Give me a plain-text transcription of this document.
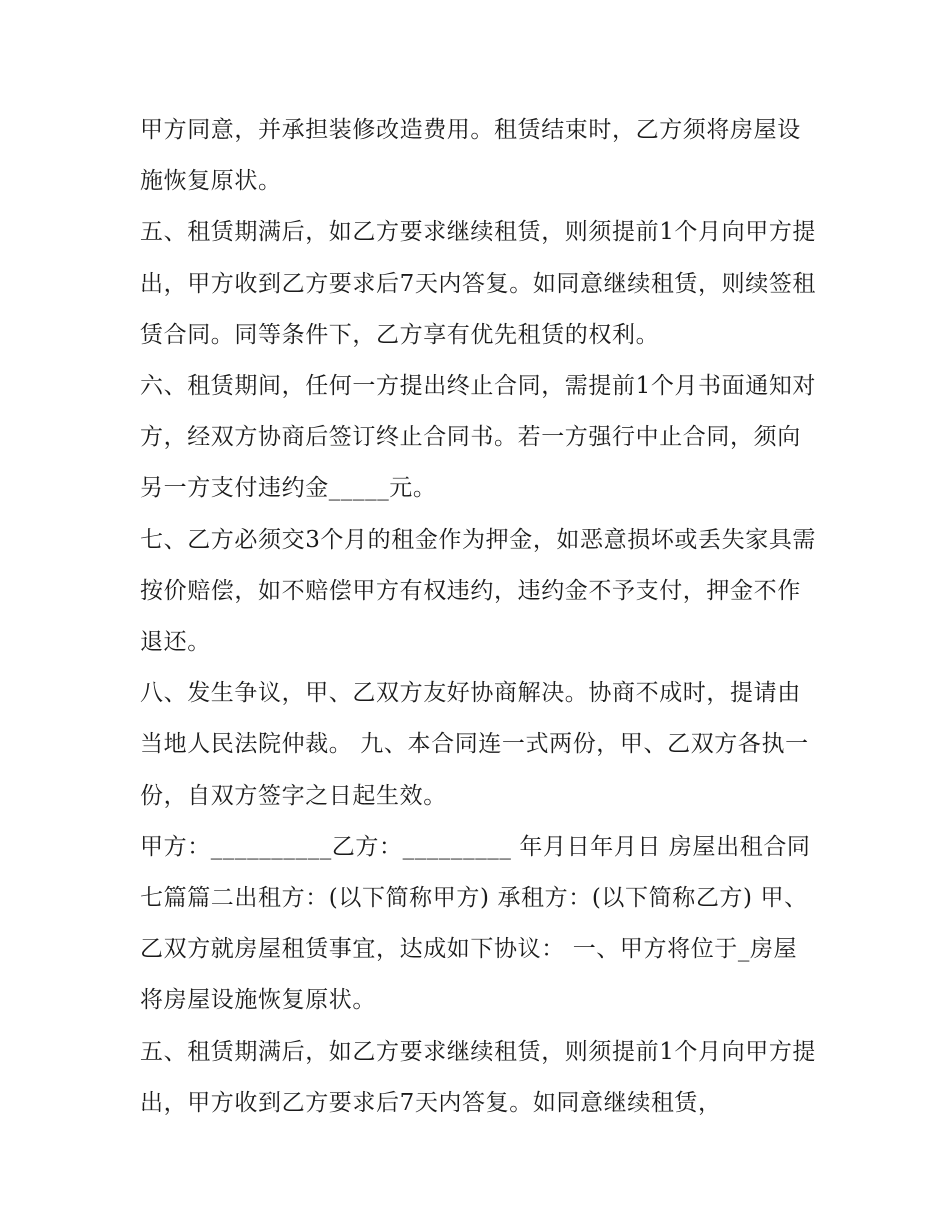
甲方同意，并承担装修改造费用。租赁结束时，乙方须将房屋设施恢复原状。

五、租赁期满后，如乙方要求继续租赁，则须提前1个月向甲方提出，甲方收到乙方要求后7天内答复。如同意继续租赁，则续签租赁合同。同等条件下，乙方享有优先租赁的权利。

六、租赁期间，任何一方提出终止合同，需提前1个月书面通知对方，经双方协商后签订终止合同书。若一方强行中止合同，须向另一方支付违约金_____元。

七、乙方必须交3个月的租金作为押金，如恶意损坏或丢失家具需按价赔偿，如不赔偿甲方有权违约，违约金不予支付，押金不作退还。

八、发生争议，甲、乙双方友好协商解决。协商不成时，提请由当地人民法院仲裁。 九、本合同连一式两份，甲、乙双方各执一份，自双方签字之日起生效。

甲方：__________乙方：_________ 年月日年月日 房屋出租合同七篇篇二出租方：(以下简称甲方) 承租方：(以下简称乙方) 甲、乙双方就房屋租赁事宜，达成如下协议： 一、甲方将位于_房屋将房屋设施恢复原状。

五、租赁期满后，如乙方要求继续租赁，则须提前1个月向甲方提出，甲方收到乙方要求后7天内答复。如同意继续租赁，
